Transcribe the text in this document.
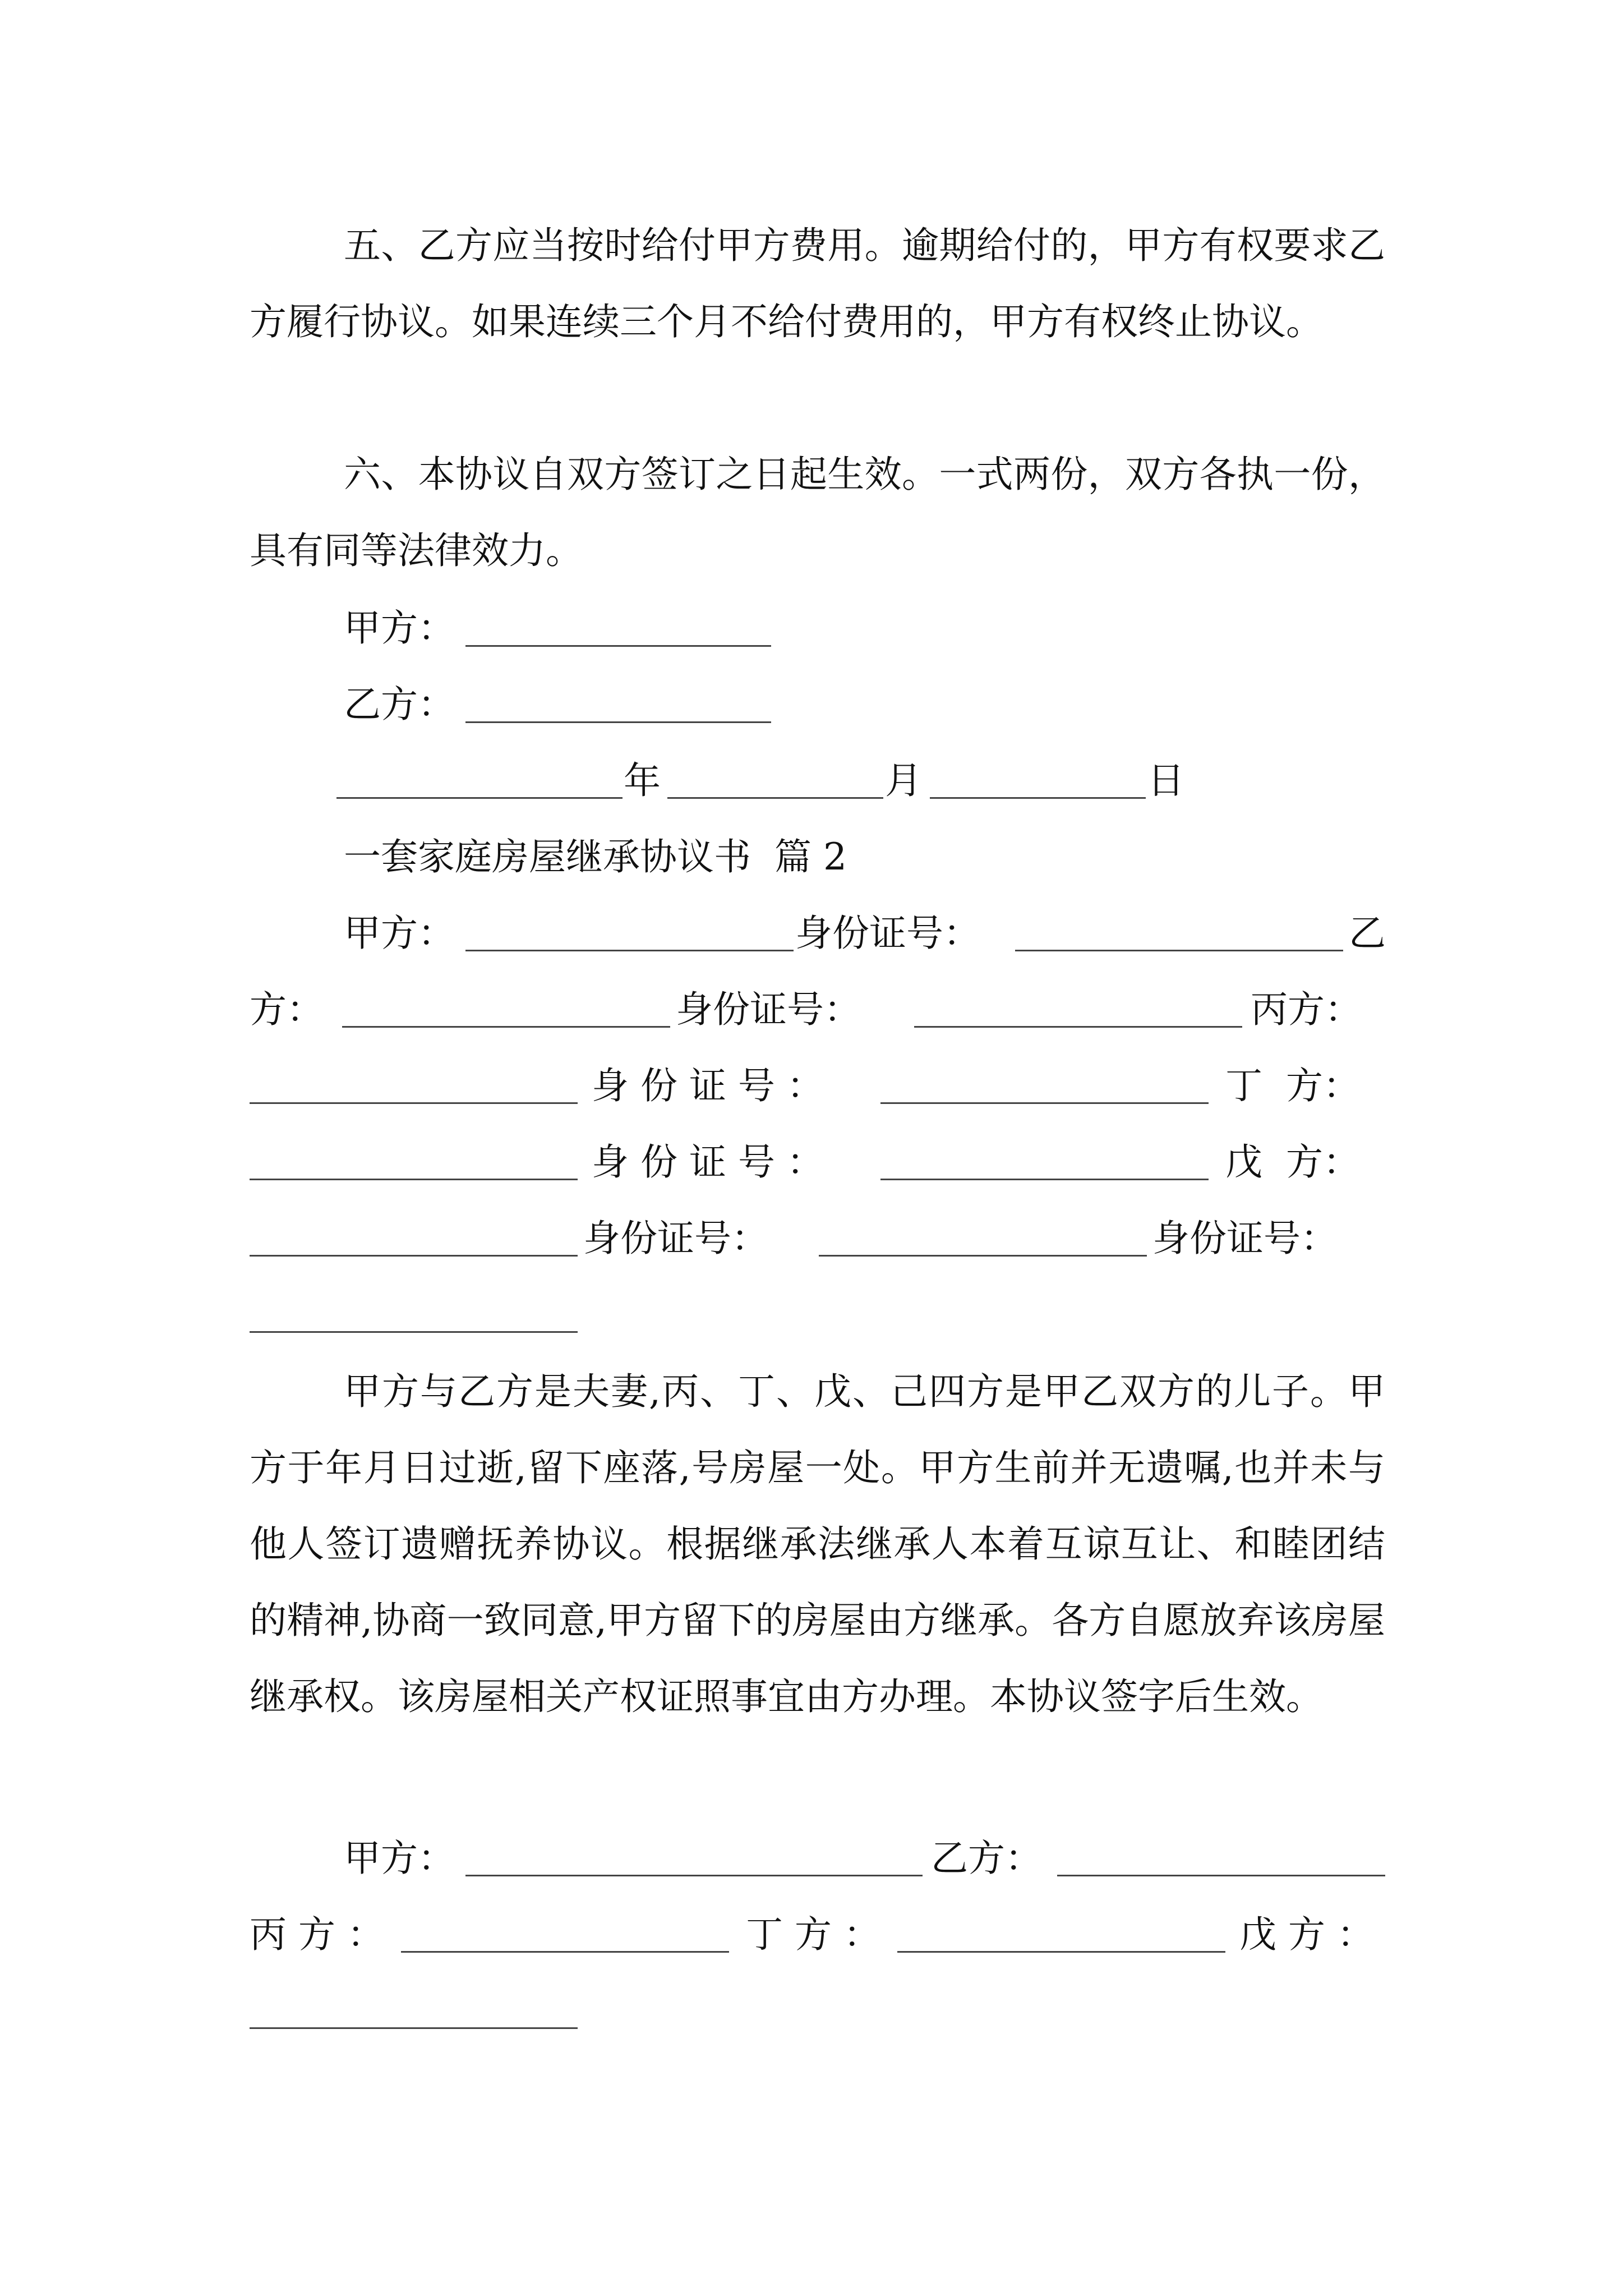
五、乙方应当按时给付甲方费用。逾期给付的，甲方有权要求乙方履行协议。如果连续三个月不给付费用的，甲方有权终止协议。

六、本协议自双方签订之日起生效。一式两份，双方各执一份，具有同等法律效力。

甲方：
乙方：
年	月	日
一套家庭房屋继承协议书  篇 2
甲方：	身份证号：	乙
方：	身份证号：	丙方：
身 份 证 号 ：	丁  方：
身 份 证 号 ：	戊  方：
身份证号：	身份证号：

甲方与乙方是夫妻,丙、丁、戊、己四方是甲乙双方的儿子。甲方于年月日过逝,留下座落,号房屋一处。甲方生前并无遗嘱,也并未与他人签订遗赠抚养协议。根据继承法继承人本着互谅互让、和睦团结的精神,协商一致同意,甲方留下的房屋由方继承。各方自愿放弃该房屋继承权。该房屋相关产权证照事宜由方办理。本协议签字后生效。

甲方：	乙方：
丙 方 ：	丁 方 ：	戊 方 ：
